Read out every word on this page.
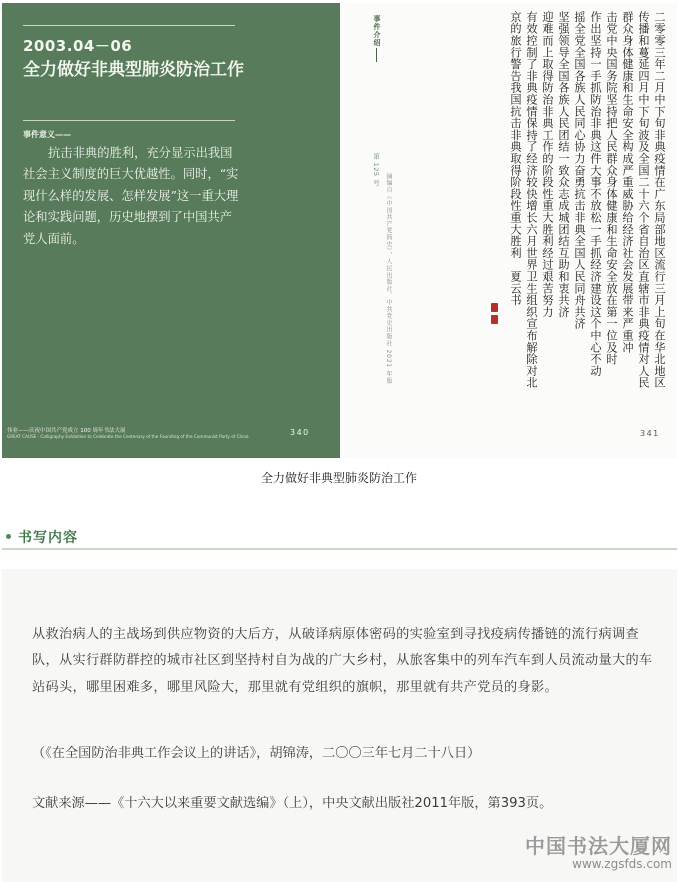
2003.04－06
全力做好非典型肺炎防治工作
事件意义——
抗击非典的胜利，充分显示出我国社会主义制度的巨大优越性。同时，“实现什么样的发展、怎样发展”这一重大理论和实践问题，历史地摆到了中国共产党人面前。
伟业——庆祝中国共产党成立 100 周年书法大展
GREAT CAUSE · Calligraphy Exhibition to Celebrate the Centenary of the Founding of the Communist Party of China	340
事件介绍
第 125 号
摘编自《中国共产党简史》，人民出版社、中共党史出版社 2021 年版	二零零三年二月中下旬非典疫情在广东局部地区流行三月上旬在华北地区
传播和蔓延四月中下旬波及全国二十六个省自治区直辖市非典疫情对人民
群众身体健康和生命安全构成严重威胁给经济社会发展带来严重冲
击党中央国务院坚持把人民群众身体健康和生命安全放在第一位及时
作出坚持一手抓防治非典这件大事不放松一手抓经济建设这个中心不动
摇全党全国各族人民同心协力奋勇抗击非典全国人民同舟共济
坚强领导全国各族人民团结一致众志成城团结互助和衷共济
迎难而上取得防治非典工作的阶段性重大胜利经过艰苦努力
有效控制了非典疫情保持了经济较快增长六月世界卫生组织宣布解除对北
京的旅行警告我国抗击非典取得阶段性重大胜利　夏云书
341
全力做好非典型肺炎防治工作
书写内容
从救治病人的主战场到供应物资的大后方，从破译病原体密码的实验室到寻找疫病传播链的流行病调查队，从实行群防群控的城市社区到坚持村自为战的广大乡村，从旅客集中的列车汽车到人员流动量大的车站码头，哪里困难多，哪里风险大，那里就有党组织的旗帜，那里就有共产党员的身影。
（《在全国防治非典工作会议上的讲话》，胡锦涛，二〇〇三年七月二十八日）
文献来源——《十六大以来重要文献选编》（上），中央文献出版社2011年版，第393页。
中国书法大厦网
www.zgsfds.com
